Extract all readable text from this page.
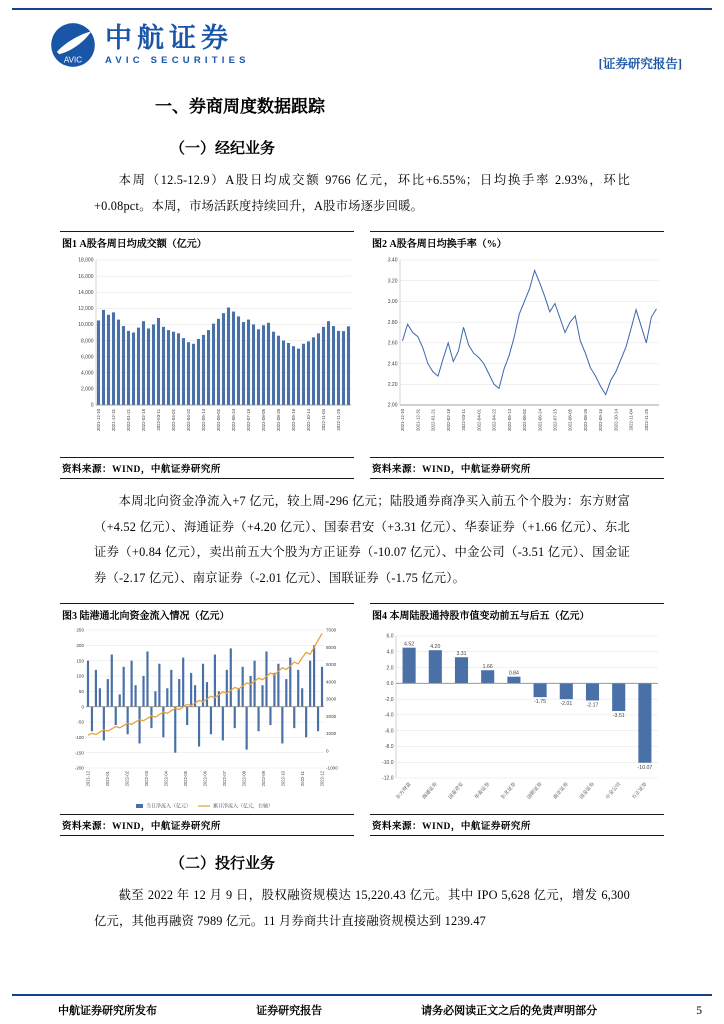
AVIC
中航证券
AVIC SECURITIES	[证券研究报告]
一、券商周度数据跟踪
（一）经纪业务

本周（12.5-12.9）A股日均成交额 9766 亿元，环比+6.55%；日均换手率 2.93%，环比+0.08pct。本周，市场活跃度持续回升，A股市场逐步回暖。

图1 A股各周日均成交额（亿元）
0
2,000
4,000
6,000
8,000
10,000
12,000
14,000
16,000
18,000
2021-12-10 2021-12-31 2022-01-21 2022-02-18 2022-03-11 2022-04-01 2022-04-22 2022-05-13 2022-06-02 2022-06-24 2022-07-15 2022-08-05 2022-08-26 2022-09-16 2022-10-14 2022-11-04 2022-11-25
资料来源：WIND，中航证券研究所
图2 A股各周日均换手率（%）
2.00
2.20
2.40
2.60
2.80
3.00
3.20
3.40
2021-12-10 2021-12-31 2022-01-21 2022-02-18 2022-03-11 2022-04-01 2022-04-22 2022-05-13 2022-06-02 2022-06-24 2022-07-15 2022-08-05 2022-08-26 2022-09-16 2022-10-14 2022-11-04 2022-11-25
资料来源：WIND，中航证券研究所

本周北向资金净流入+7 亿元，较上周-296 亿元；陆股通券商净买入前五个个股为：东方财富（+4.52 亿元）、海通证券（+4.20 亿元）、国泰君安（+3.31 亿元）、华泰证券（+1.66 亿元）、东北证券（+0.84 亿元），卖出前五大个股为方正证券（-10.07 亿元）、中金公司（-3.51 亿元）、国金证券（-2.17 亿元）、南京证券（-2.01 亿元）、国联证券（-1.75 亿元）。

图3 陆港通北向资金流入情况（亿元）
-200
-150
-100
-50
0
50
100
150
200
250
-1000
0
1000
2000
3000
4000
5000
6000
7000
2021-12	2022-01	2022-02	2022-03	2022-04	2022-05	2022-06	2022-07	2022-08	2022-09	2022-10	2022-11	2022-12
当日净流入（亿元）	累计净流入（亿元，右轴）
资料来源：WIND，中航证券研究所
图4 本周陆股通持股市值变动前五与后五（亿元）
-12.0
-10.0
-8.0
-6.0
-4.0
-2.0
0.0
2.0
4.0
6.0
4.52	4.20
3.31
1.66
0.84
-1.75	-2.01	-2.17
-3.51
-10.07
东方财富 海通证券 国泰君安 华泰证券 东北证券 国联证券 南京证券 国金证券 中金公司 方正证券
资料来源：WIND，中航证券研究所
（二）投行业务

截至 2022 年 12 月 9 日，股权融资规模达 15,220.43 亿元。其中 IPO 5,628 亿元，增发 6,300 亿元，其他再融资 7989 亿元。11 月券商共计直接融资规模达到 1239.47

中航证券研究所发布	证券研究报告	请务必阅读正文之后的免责声明部分	5
